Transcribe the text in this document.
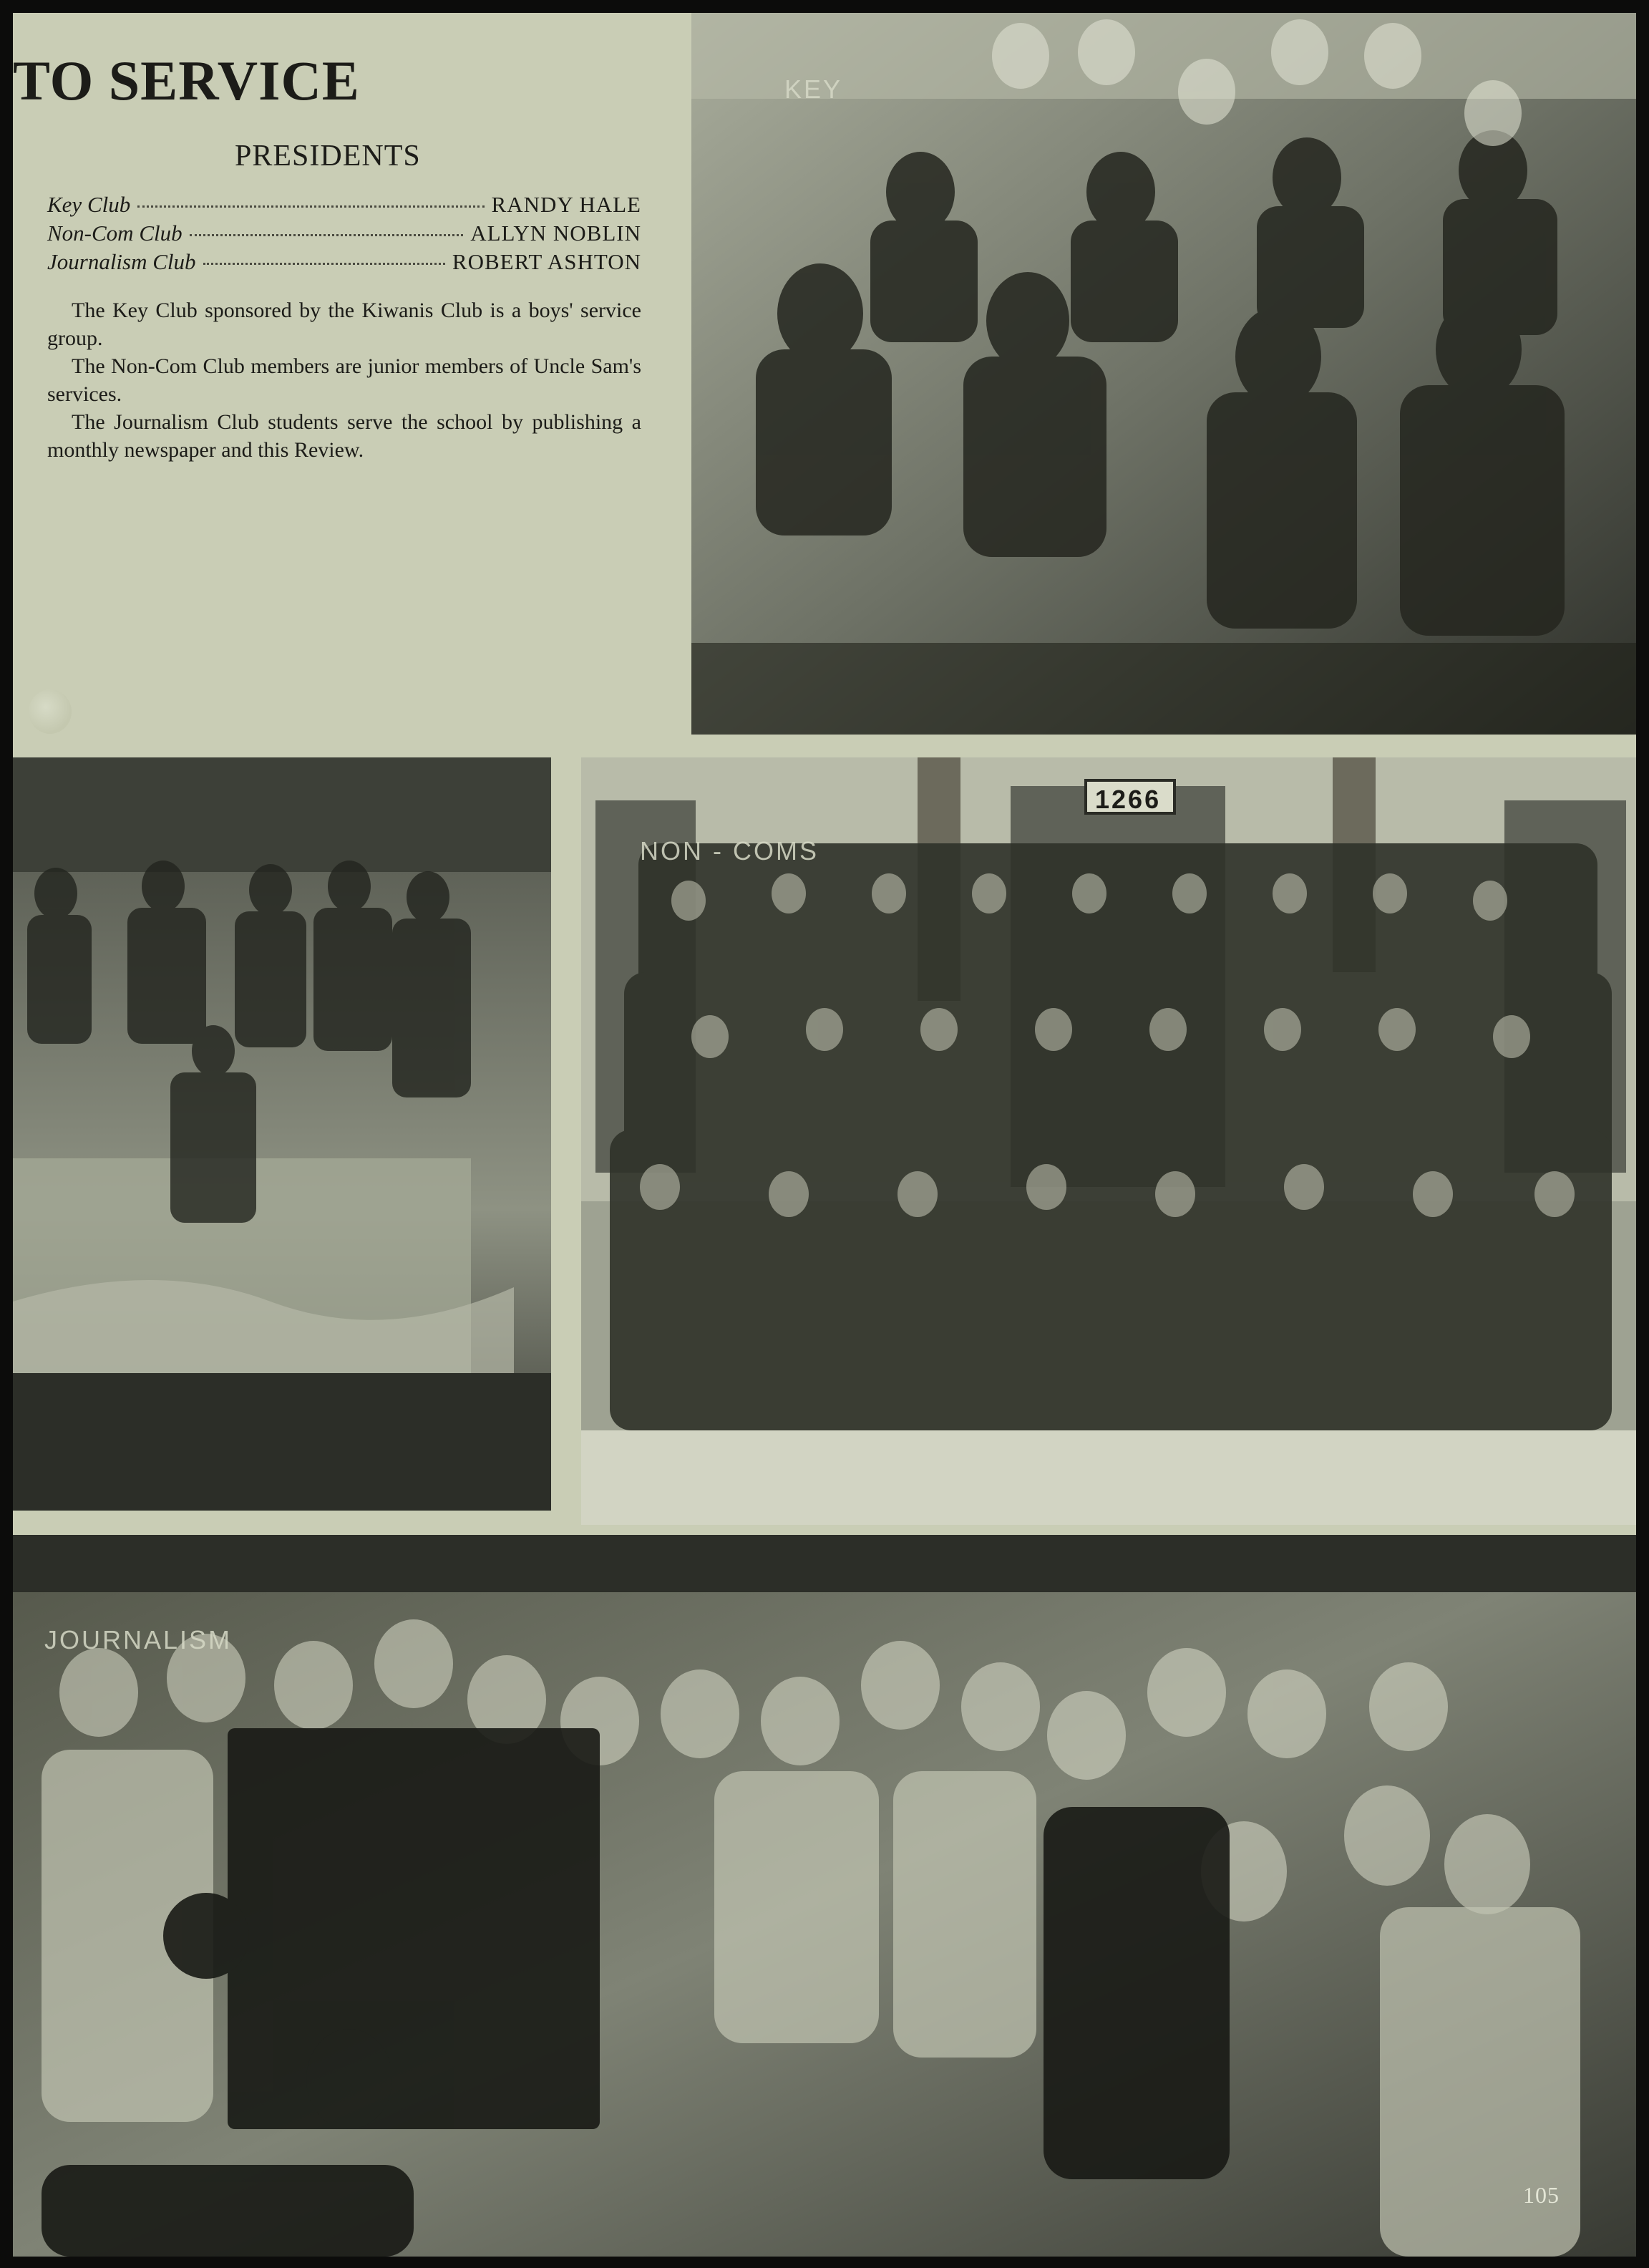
TO SERVICE
PRESIDENTS
Key Club	RANDY HALE
Non-Com Club	ALLYN NOBLIN
Journalism Club	ROBERT ASHTON

The Key Club sponsored by the Kiwanis Club is a boys' service group.

The Non-Com Club members are junior members of Uncle Sam's services.

The Journalism Club students serve the school by publishing a monthly newspaper and this Review.

KEY
NON - COMS
1266
JOURNALISM
105
